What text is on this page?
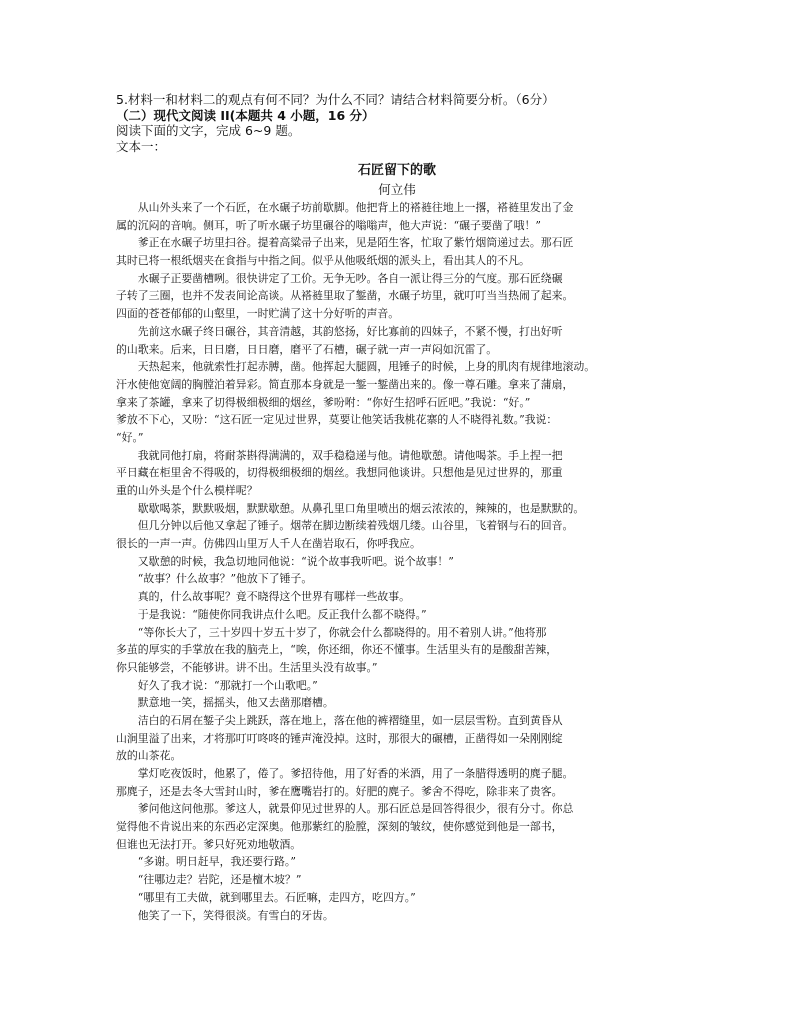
5.材料一和材料二的观点有何不同？为什么不同？请结合材料简要分析。（6分）
（二）现代文阅读 II(本题共 4 小题，16 分）
阅读下面的文字，完成 6~9 题。
文本一：
石匠留下的歌
何立伟
　　从山外头来了一个石匠，在水碾子坊前歇脚。他把背上的褡裢往地上一撂，褡裢里发出了金
属的沉闷的音响。侧耳，听了听水碾子坊里碾谷的嗡嗡声，他大声说：“碾子要凿了哦！”
　　爹正在水碾子坊里扫谷。提着高粱帚子出来，见是陌生客，忙取了紫竹烟筒递过去。那石匠
其时已将一根纸烟夹在食指与中指之间。似乎从他吸纸烟的派头上，看出其人的不凡。
　　水碾子正要凿槽咧。很快讲定了工价。无争无吵。各自一派让得三分的气度。那石匠绕碾
子转了三圈，也并不发表间论高谈。从褡裢里取了錾凿，水碾子坊里，就叮叮当当热闹了起来。
四面的苍苍郁郁的山壑里，一时贮满了这十分好听的声音。
　　先前这水碾子终日碾谷，其音清越，其韵悠扬，好比寡前的四妹子，不紧不慢，打出好听
的山歌来。后来，日日磨，日日磨，磨平了石槽，碾子就一声一声闷如沉雷了。
　　天热起来，他就索性打起赤膊，凿。他挥起大腿圆，甩锤子的时候，上身的肌肉有规律地滚动。
汗水使他宽阔的胸膛泊着异彩。简直那本身就是一錾一錾凿出来的。像一尊石雕。拿来了蒲扇，
拿来了茶罐，拿来了切得极细极细的烟丝，爹吩咐：“你好生招呼石匠吧。”我说：“好。”
爹放不下心，又吩：“这石匠一定见过世界，莫要让他笑话我桃花寨的人不晓得礼数。”我说：
“好。”
　　我就同他打扇，将耐茶斟得满满的，双手稳稳递与他。请他歇憩。请他喝茶。手上捏一把
平日藏在柜里舍不得吸的，切得极细极细的烟丝。我想同他谈讲。只想他是见过世界的，那重
重的山外头是个什么模样呢？
　　歇歇喝茶，默默吸烟，默默歇憩。从鼻孔里口角里喷出的烟云浓浓的，辣辣的，也是默默的。
　　但几分钟以后他又拿起了锤子。烟蒂在脚边断续着残烟几缕。山谷里，飞着钢与石的回音。
很长的一声一声。仿佛四山里万人千人在凿岩取石，你呼我应。
　　又歇憩的时候，我急切地同他说：“说个故事我听吧。说个故事！”
　　“故事？什么故事？”他放下了锤子。
　　真的，什么故事呢？竟不晓得这个世界有哪样一些故事。
　　于是我说：“随使你同我讲点什么吧。反正我什么都不晓得。”
　　“等你长大了，三十岁四十岁五十岁了，你就会什么都晓得的。用不着别人讲。”他将那
多茧的厚实的手掌放在我的脑壳上，“唉，你还细，你还不懂事。生活里头有的是酸甜苦辣，
你只能够尝，不能够讲。讲不出。生活里头没有故事。”
　　好久了我才说：“那就打一个山歌吧。”
　　默意地一笑，摇摇头，他又去凿那磨槽。
　　洁白的石屑在錾子尖上跳跃，落在地上，落在他的裤褶缝里，如一层层雪粉。直到黄昏从
山涧里溢了出来，才将那叮叮咚咚的锤声淹没掉。这时，那很大的碾槽，正凿得如一朵刚刚绽
放的山茶花。
　　掌灯吃夜饭时，他累了，倦了。爹招待他，用了好香的米酒，用了一条腊得透明的麂子腿。
那麂子，还是去冬大雪封山时，爹在鹰嘴岩打的。好肥的麂子。爹舍不得吃，除非来了贵客。
　　爹问他这问他那。爹这人，就景仰见过世界的人。那石匠总是回答得很少，很有分寸。你总
觉得他不肯说出来的东西必定深奥。他那紫红的脸膛，深刻的皱纹，使你感觉到他是一部书，
但谁也无法打开。爹只好死劝地敬酒。
　　“多谢。明日赶早，我还要行路。”
　　“往哪边走？岩陀，还是檀木坡？”
　　“哪里有工夫做，就到哪里去。石匠嘛，走四方，吃四方。”
　　他笑了一下，笑得很淡。有雪白的牙齿。
